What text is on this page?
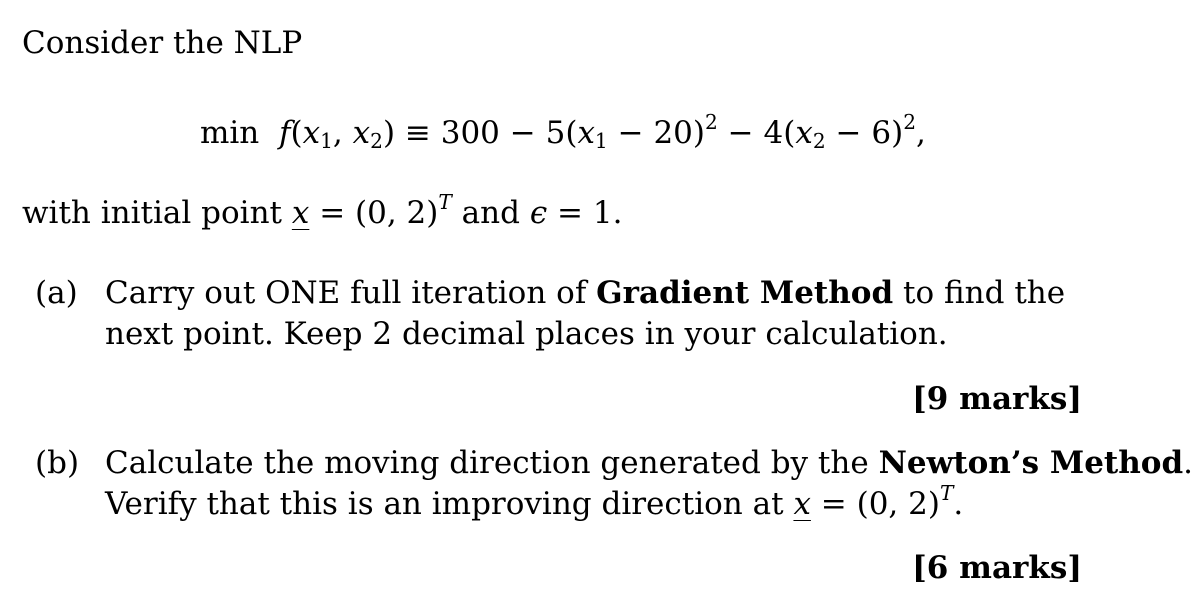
Consider the NLP
$\min f(x_1$, $x_2) \equiv 300 - 5(x_1 - 20)^2 - 4(x_2 - 6)^2$,
with initial point x = (0, 2)$^T$ and ϵ = 1.
(a) Carry out ONE full iteration of Gradient Method to find the
next point. Keep 2 decimal places in your calculation.
[9 marks]
(b) Calculate the moving direction generated by the Newton’s Method.
Verify that this is an improving direction at x = (0, 2)$^T$.
[6 marks]
